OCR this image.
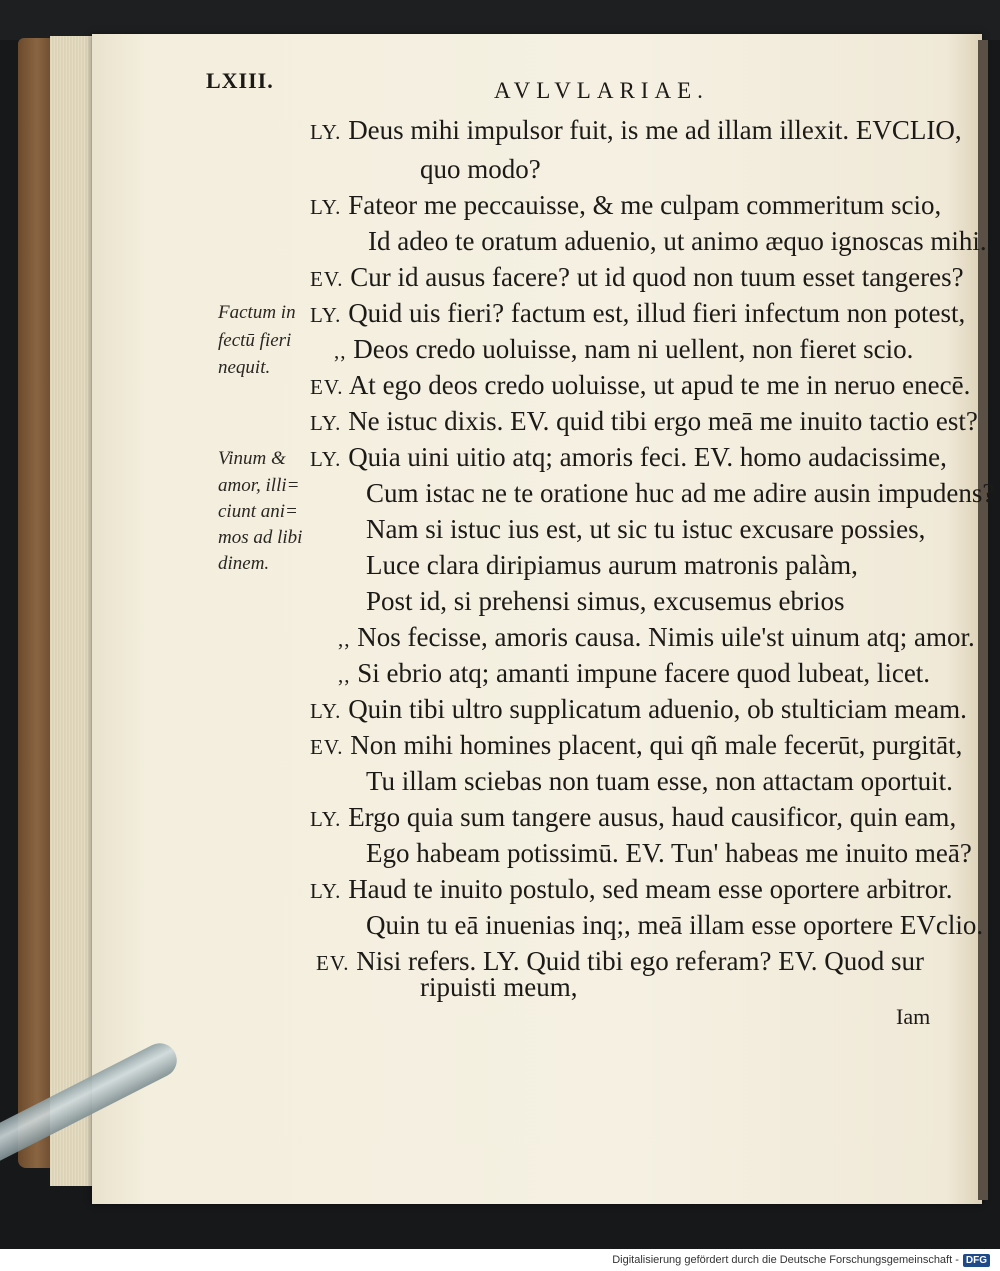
LXIII.	AVLVLARIAE.
Factum in
fectū fieri
nequit.
Vinum &
amor, illi=
ciunt ani=
mos ad libi
dinem.
LY. Deus mihi impulsor fuit, is me ad illam illexit. EVCLIO,
quo modo?
LY. Fateor me peccauisse, & me culpam commeritum scio,
Id adeo te oratum aduenio, ut animo æquo ignoscas mihi.
EV. Cur id ausus facere? ut id quod non tuum esset tangeres?
LY. Quid uis fieri? factum est, illud fieri infectum non potest,
,, Deos credo uoluisse, nam ni uellent, non fieret scio.
EV. At ego deos credo uoluisse, ut apud te me in neruo enecē.
LY. Ne istuc dixis. EV. quid tibi ergo meā me inuito tactio est?
LY. Quia uini uitio atq; amoris feci. EV. homo audacissime,
Cum istac ne te oratione huc ad me adire ausin impudens?
Nam si istuc ius est, ut sic tu istuc excusare possies,
Luce clara diripiamus aurum matronis palàm,
Post id, si prehensi simus, excusemus ebrios
,, Nos fecisse, amoris causa. Nimis uile'st uinum atq; amor.
,, Si ebrio atq; amanti impune facere quod lubeat, licet.
LY. Quin tibi ultro supplicatum aduenio, ob stulticiam meam.
EV. Non mihi homines placent, qui qñ male fecerūt, purgitāt,
Tu illam sciebas non tuam esse, non attactam oportuit.
LY. Ergo quia sum tangere ausus, haud causificor, quin eam,
Ego habeam potissimū. EV. Tun' habeas me inuito meā?
LY. Haud te inuito postulo, sed meam esse oportere arbitror.
Quin tu eā inuenias inq;, meā illam esse oportere EVclio.
EV. Nisi refers. LY. Quid tibi ego referam? EV. Quod sur
ripuisti meum,
Iam
Digitalisierung gefördert durch die Deutsche Forschungsgemeinschaft - DFG
